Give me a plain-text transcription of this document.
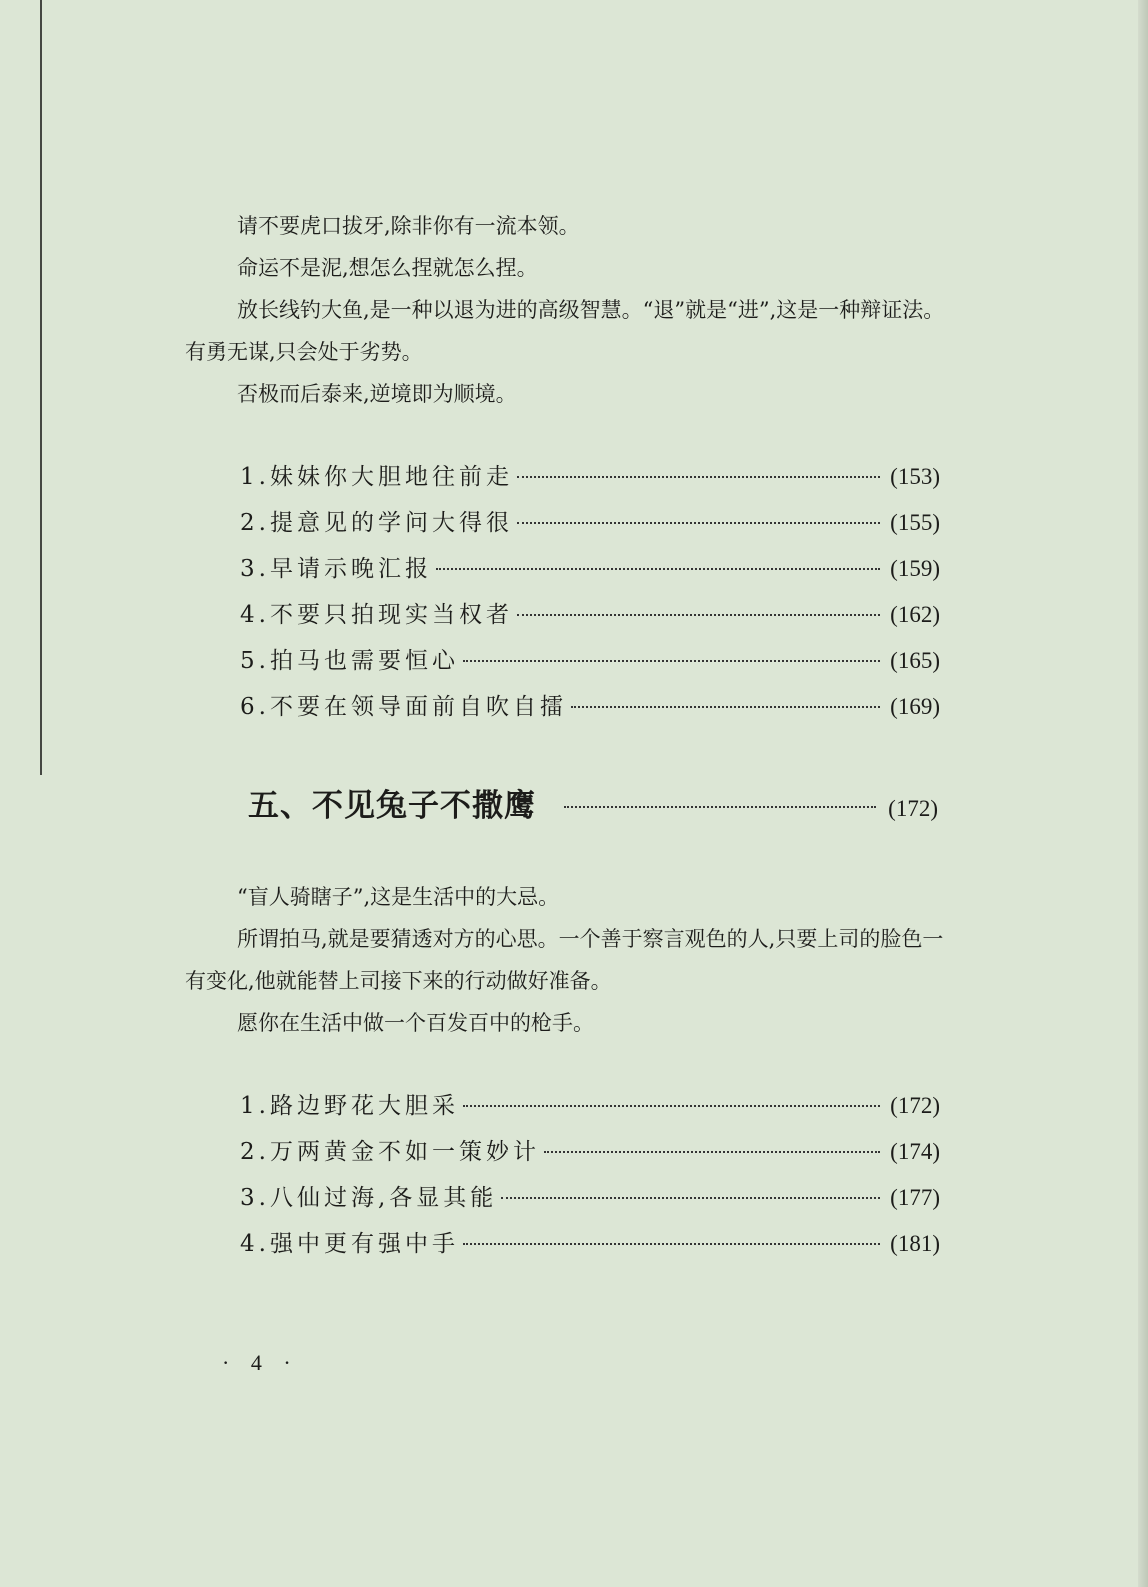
请不要虎口拔牙,除非你有一流本领。

命运不是泥,想怎么捏就怎么捏。

放长线钓大鱼,是一种以退为进的高级智慧。“退”就是“进”,这是一种辩证法。有勇无谋,只会处于劣势。

否极而后泰来,逆境即为顺境。

1.妹妹你大胆地往前走	(153)
2.提意见的学问大得很	(155)
3.早请示晚汇报	(159)
4.不要只拍现实当权者	(162)
5.拍马也需要恒心	(165)
6.不要在领导面前自吹自擂	(169)
五、不见兔子不撒鹰	(172)

“盲人骑瞎子”,这是生活中的大忌。

所谓拍马,就是要猜透对方的心思。一个善于察言观色的人,只要上司的脸色一有变化,他就能替上司接下来的行动做好准备。

愿你在生活中做一个百发百中的枪手。

1.路边野花大胆采	(172)
2.万两黄金不如一策妙计	(174)
3.八仙过海,各显其能	(177)
4.强中更有强中手	(181)
· 4 ·
